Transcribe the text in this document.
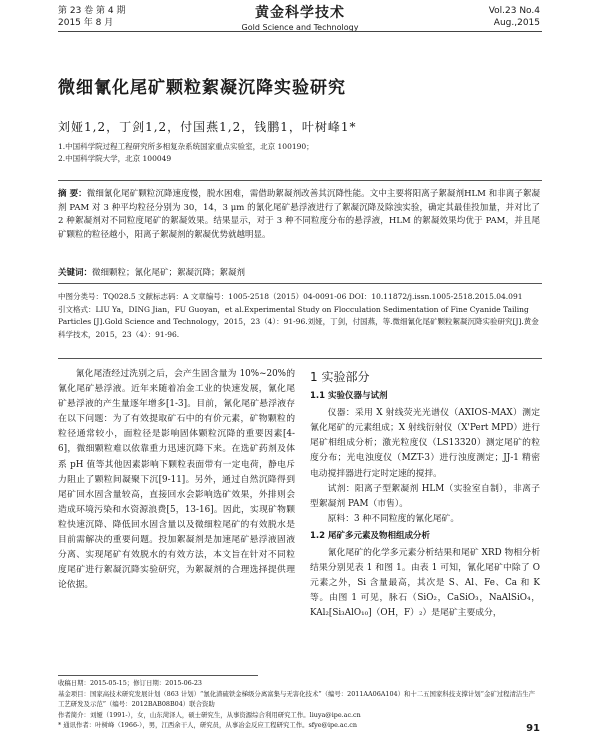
第 23 卷 第 4 期
2015 年 8 月
黄金科学技术
Gold Science and Technology
Vol.23 No.4
Aug.,2015
微细氰化尾矿颗粒絮凝沉降实验研究
刘娅1,2，丁剑1,2，付国燕1,2，钱鹏1，叶树峰1*
1.中国科学院过程工程研究所多相复杂系统国家重点实验室，北京 100190；
2.中国科学院大学，北京 100049
摘 要：微细氰化尾矿颗粒沉降速度慢，脱水困难，需借助絮凝剂改善其沉降性能。文中主要将阳离子絮凝剂HLM 和非离子絮凝剂 PAM 对 3 种平均粒径分别为 30，14，3 μm 的氰化尾矿悬浮液进行了絮凝沉降及除浊实验，确定其最佳投加量，并对比了 2 种絮凝剂对不同粒度尾矿的絮凝效果。结果显示，对于 3 种不同粒度分布的悬浮液，HLM 的絮凝效果均优于 PAM，并且尾矿颗粒的粒径越小，阳离子絮凝剂的絮凝优势就越明显。
关键词：微细颗粒；氰化尾矿；絮凝沉降；絮凝剂
中图分类号：TQ028.5 文献标志码：A 文章编号：1005-2518（2015）04-0091-06 DOI：10.11872/j.issn.1005-2518.2015.04.091
引文格式：LIU Ya，DING Jian，FU Guoyan，et al.Experimental Study on Flocculation Sedimentation of Fine Cyanide Tailing Particles [J].Gold Science and Technology，2015，23（4）：91-96.刘娅，丁剑，付国燕，等.微细氰化尾矿颗粒絮凝沉降实验研究[J].黄金科学技术，2015，23（4）：91-96.

氰化尾渣经过洗别之后，会产生固含量为 10%~20%的氰化尾矿悬浮液。近年来随着冶金工业的快速发展，氰化尾矿悬浮液的产生量逐年增多[1-3]。目前，氰化尾矿悬浮液存在以下问题：为了有效提取矿石中的有价元素，矿物颗粒的粒径通常较小，面粒径是影响固体颗粒沉降的重要因素[4-6]，微细颗粒难以依靠重力迅速沉降下来。在选矿药剂及体系 pH 值等其他因素影响下颗粒表面带有一定电荷，静电斥力阻止了颗粒间凝聚下沉[9-11]。另外，通过自然沉降得到尾矿回水固含量较高，直接回水会影响选矿效果，外排则会造成环境污染和水资源浪费[5，13-16]。因此，实现矿物颗粒快速沉降、降低回水固含量以及微细粒尾矿的有效脱水是目前需解决的重要问题。投加絮凝剂是加速尾矿悬浮液固液分离、实现尾矿有效脱水的有效方法，本文旨在针对不同粒度尾矿进行絮凝沉降实验研究，为絮凝剂的合理选择提供理论依据。

1 实验部分
1.1 实验仪器与试剂

仪器：采用 X 射线荧光光谱仪（AXIOS-MAX）测定氰化尾矿的元素组成；X 射线衍射仪（X'Pert MPD）进行尾矿相组成分析；激光粒度仪（LS13320）测定尾矿的粒度分布；光电浊度仪（MZT-3）进行浊度测定；JJ-1 精密电动搅拌器进行定时定速的搅拌。

试剂：阳离子型絮凝剂 HLM（实验室自制），非离子型絮凝剂 PAM（市售）。

原料：3 种不同粒度的氰化尾矿。

1.2 尾矿多元素及物相组成分析

氰化尾矿的化学多元素分析结果和尾矿 XRD 物相分析结果分别见表 1 和图 1。由表 1 可知，氰化尾矿中除了 O 元素之外，Si 含量最高，其次是 S、Al、Fe、Ca 和 K 等。由图 1 可见，脉石（SiO₂，CaSiO₃，NaAlSiO₄，KAl₂[Si₃AlO₁₀]（OH，F）₂）是尾矿主要成分，

收稿日期：2015-05-15；修订日期：2015-06-23
基金项目：国家高技术研究发展计划（863 计划）“氰化渣硫铁金梯级分离富集与无害化技术”（编号：2011AA06A104）和十二五国家科技支撑计划“金矿过程清洁生产工艺研发及示范”（编号：2012BAB08B04）联合资助
作者简介：刘娅（1991-），女，山东菏泽人，硕士研究生，从事资源综合利用研究工作。liuya@ipe.ac.cn
* 通讯作者：叶树峰（1966-），男，江西余干人，研究员，从事冶金反应工程研究工作。sfye@ipe.ac.cn	91
